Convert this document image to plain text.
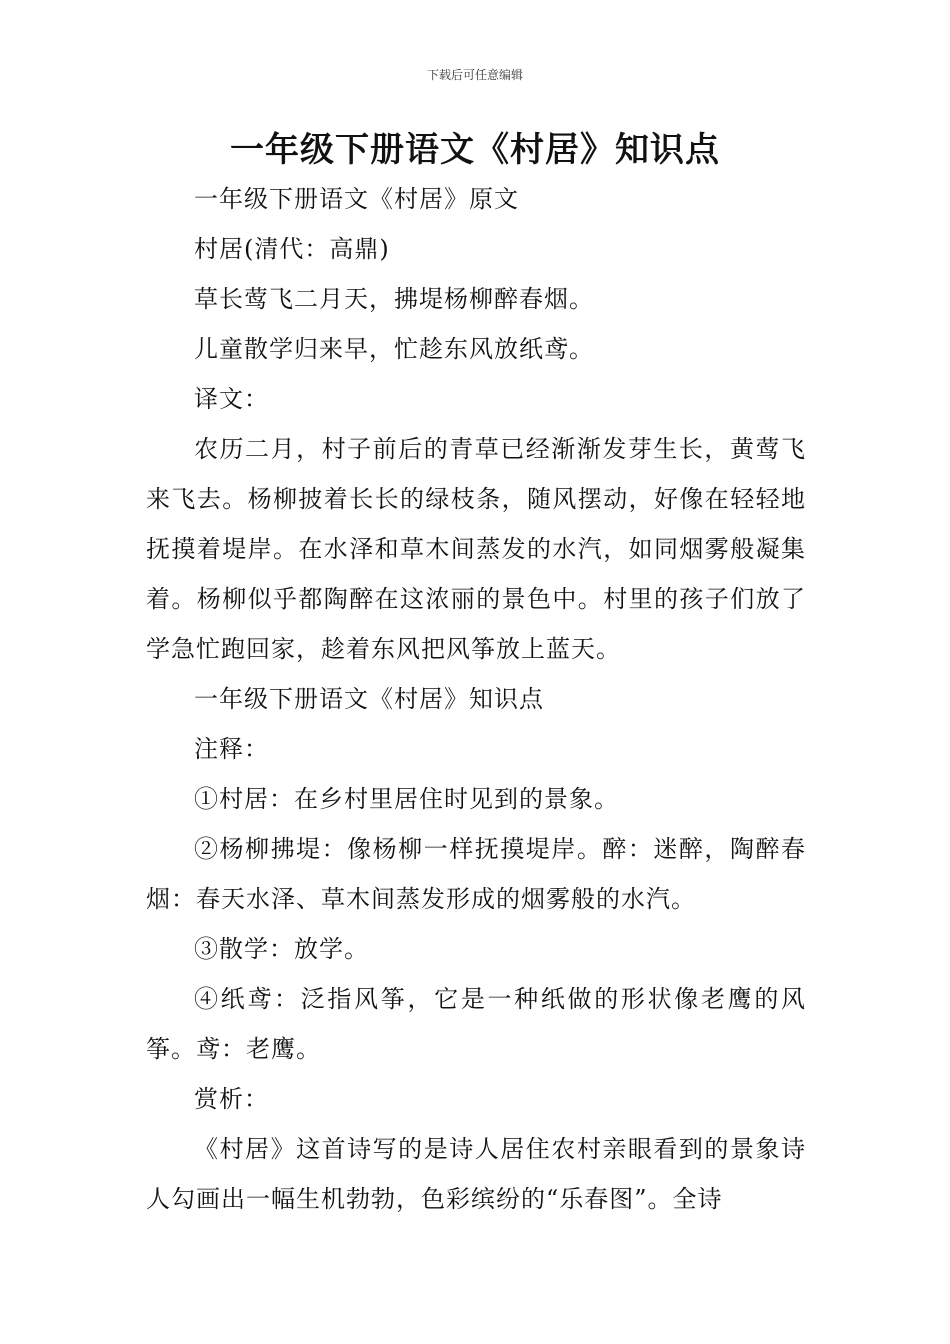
下载后可任意编辑
一年级下册语文《村居》知识点

一年级下册语文《村居》原文

村居(清代：高鼎)

草长莺飞二月天，拂堤杨柳醉春烟。

儿童散学归来早，忙趁东风放纸鸢。

译文：

农历二月，村子前后的青草已经渐渐发芽生长，黄莺飞来飞去。杨柳披着长长的绿枝条，随风摆动，好像在轻轻地抚摸着堤岸。在水泽和草木间蒸发的水汽，如同烟雾般凝集着。杨柳似乎都陶醉在这浓丽的景色中。村里的孩子们放了学急忙跑回家，趁着东风把风筝放上蓝天。

一年级下册语文《村居》知识点

注释：

①村居：在乡村里居住时见到的景象。

②杨柳拂堤：像杨柳一样抚摸堤岸。醉：迷醉，陶醉春烟：春天水泽、草木间蒸发形成的烟雾般的水汽。

③散学：放学。

④纸鸢：泛指风筝，它是一种纸做的形状像老鹰的风筝。鸢：老鹰。

赏析：

《村居》这首诗写的是诗人居住农村亲眼看到的景象诗人勾画出一幅生机勃勃，色彩缤纷的“乐春图”。全诗
